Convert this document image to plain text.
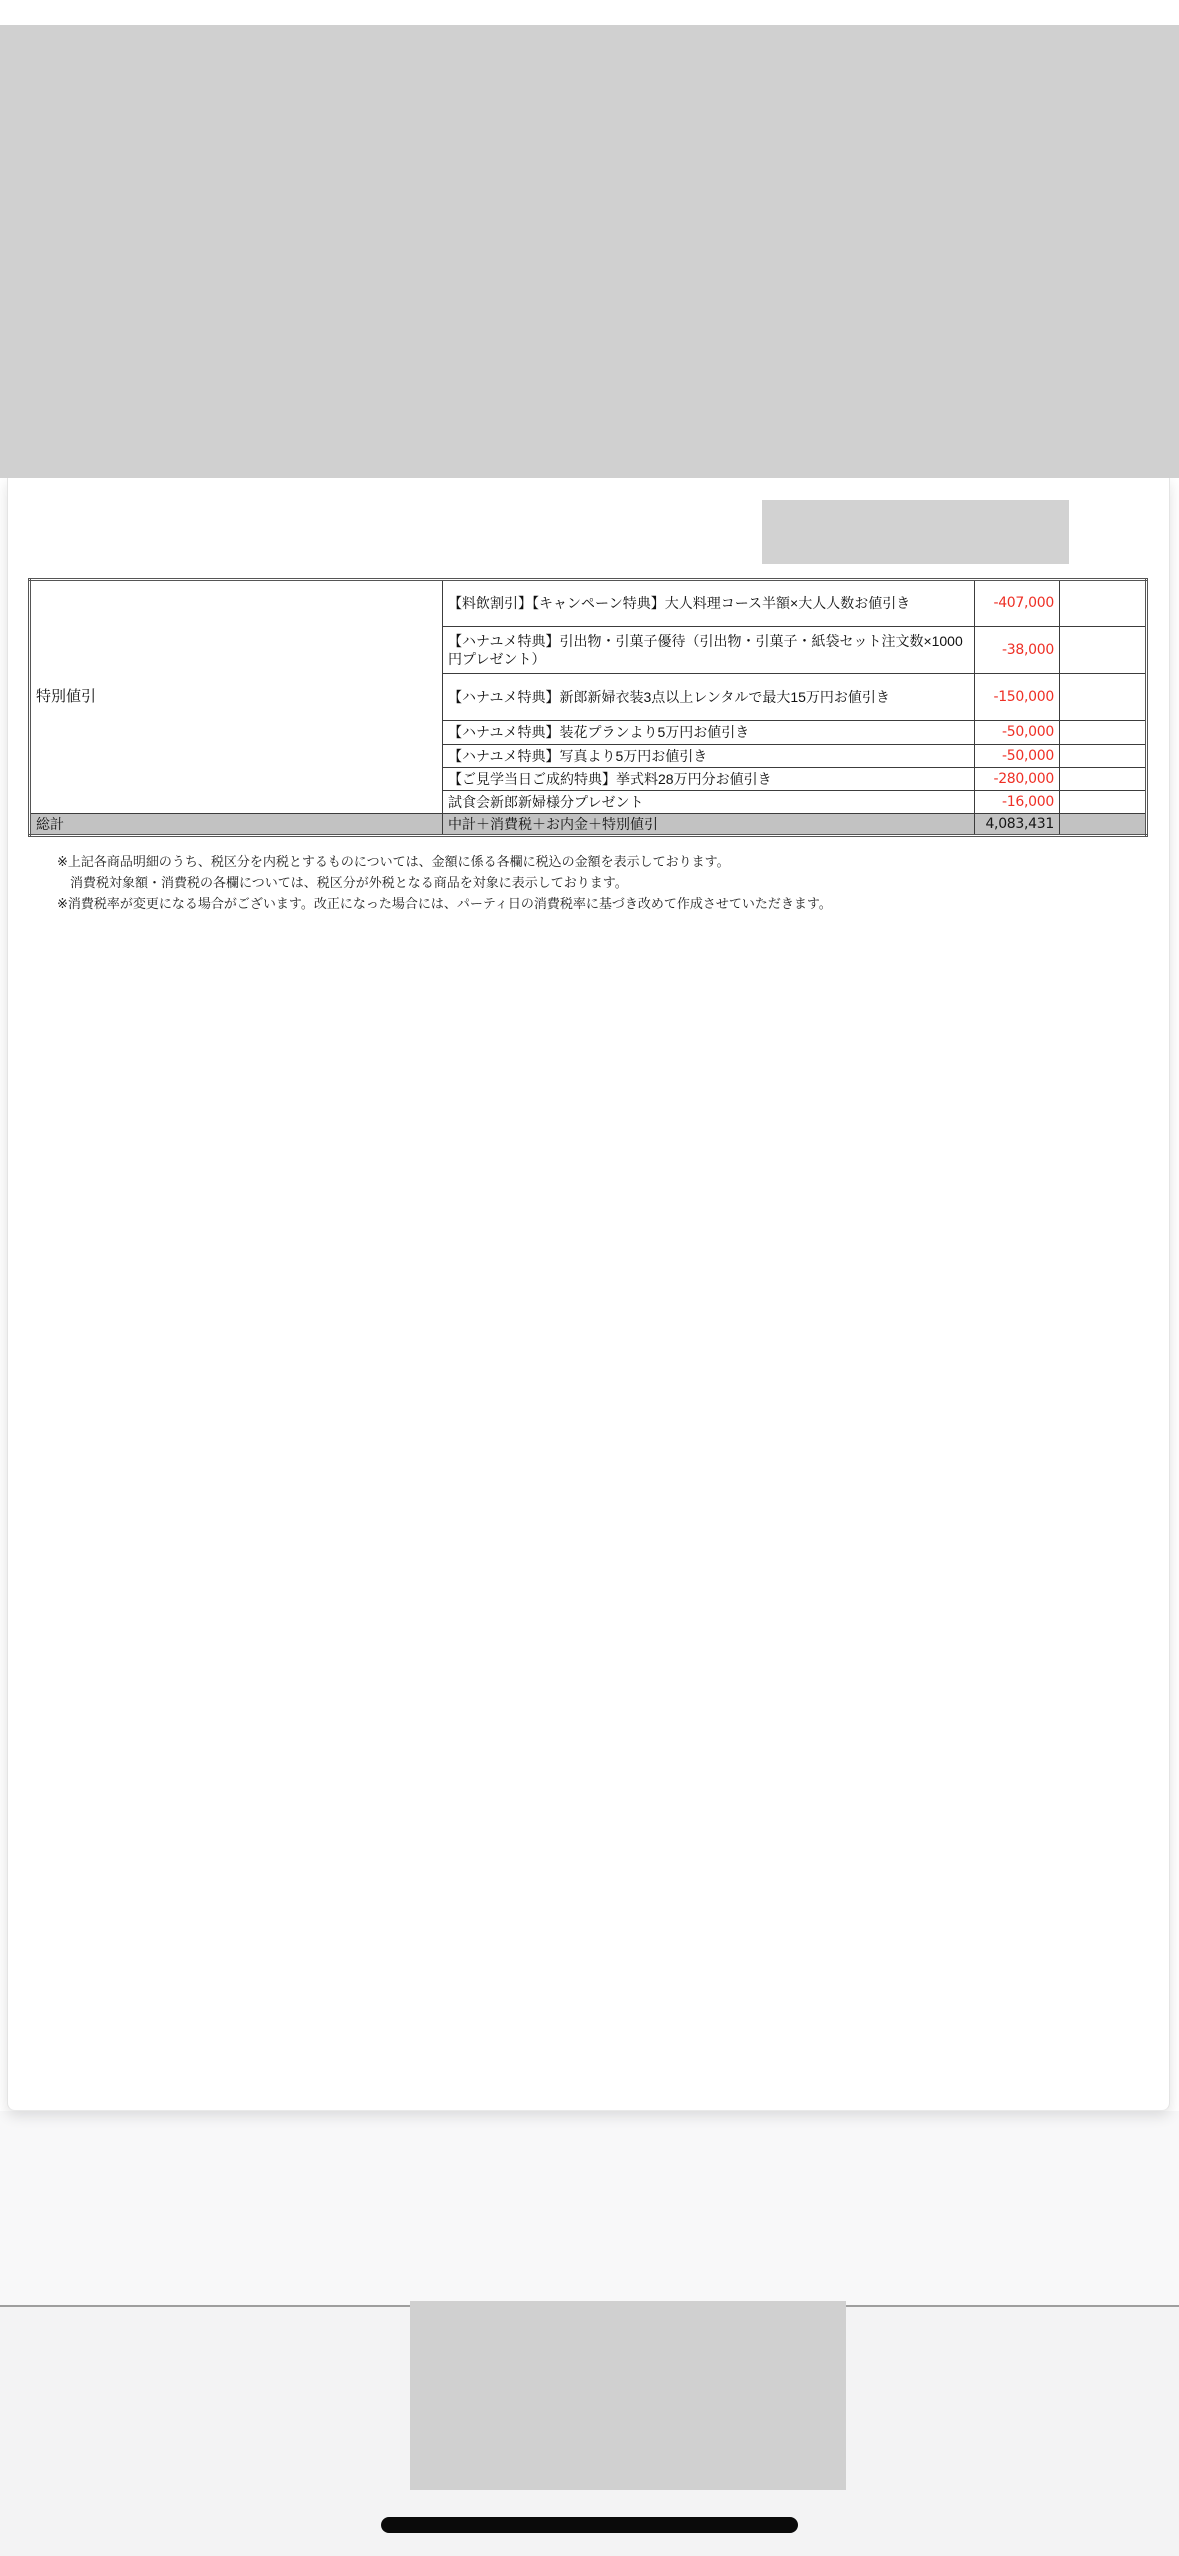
特別値引	【料飲割引】【キャンペーン特典】大人料理コース半額×大人人数お値引き	-407,000	
	【ハナユメ特典】引出物・引菓子優待（引出物・引菓子・紙袋セット注文数×1000円プレゼント）	-38,000	
	【ハナユメ特典】新郎新婦衣装3点以上レンタルで最大15万円お値引き	-150,000	
	【ハナユメ特典】装花プランより5万円お値引き	-50,000	
	【ハナユメ特典】写真より5万円お値引き	-50,000	
	【ご見学当日ご成約特典】挙式料28万円分お値引き	-280,000	
	試食会新郎新婦様分プレゼント	-16,000	
総計	中計＋消費税＋お内金＋特別値引	4,083,431	
※上記各商品明細のうち、税区分を内税とするものについては、金額に係る各欄に税込の金額を表示しております。
　消費税対象額・消費税の各欄については、税区分が外税となる商品を対象に表示しております。
※消費税率が変更になる場合がございます。改正になった場合には、パーティ日の消費税率に基づき改めて作成させていただきます。
